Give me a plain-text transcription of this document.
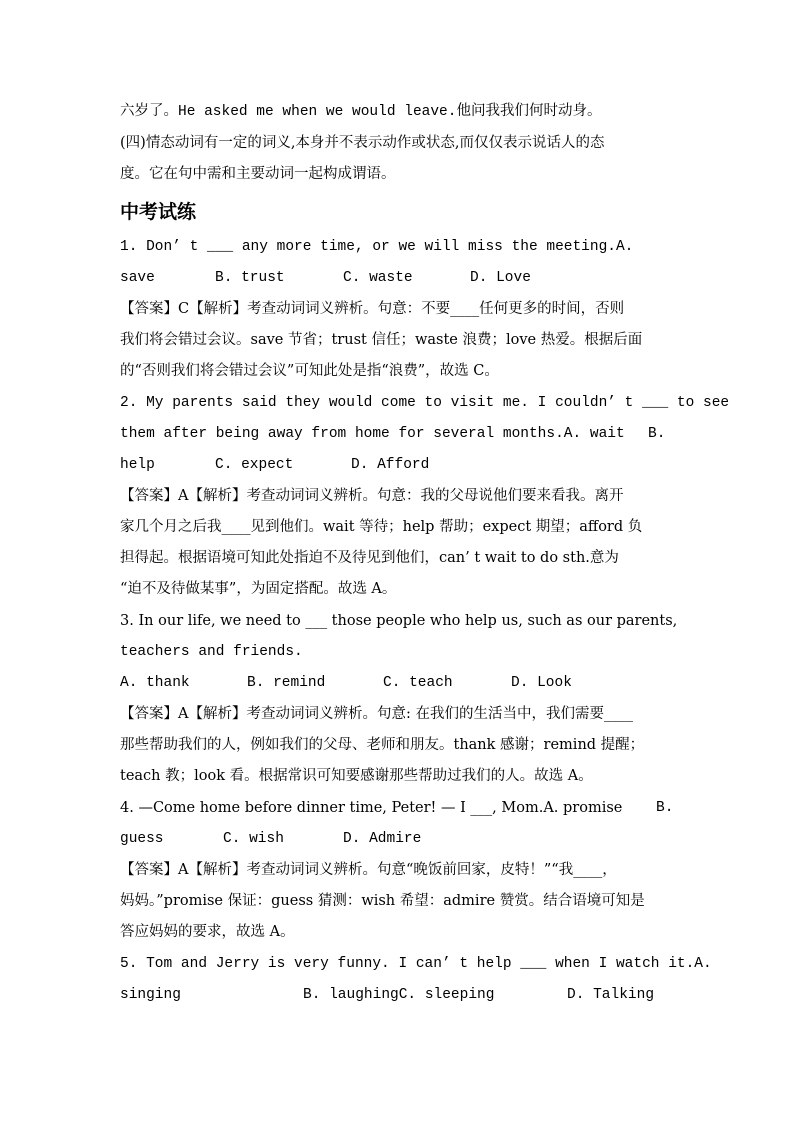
六岁了。He asked me when we would leave.他问我我们何时动身。
(四)情态动词有一定的词义,本身并不表示动作或状态,而仅仅表示说话人的态
度。它在句中需和主要动词一起构成谓语。
中考试练
1. Don’ t ___ any more time, or we will miss the meeting.A.
save	B. trust	C. waste	D. Love
【答案】C【解析】考查动词词义辨析。句意：不要____任何更多的时间，否则
我们将会错过会议。save 节省；trust 信任；waste 浪费；love 热爱。根据后面
的“否则我们将会错过会议”可知此处是指“浪费”，故选 C。
2. My parents said they would come to visit me. I couldn’ t ___ to see
them after being away from home for several months.A. wait B.
help	C. expect	D. Afford
【答案】A【解析】考查动词词义辨析。句意：我的父母说他们要来看我。离开
家几个月之后我____见到他们。wait 等待；help 帮助；expect 期望；afford 负
担得起。根据语境可知此处指迫不及待见到他们，can’ t wait to do sth.意为
“迫不及待做某事”，为固定搭配。故选 A。
3. In our life, we need to ___ those people who help us, such as our parents,
teachers and friends.
A. thank	B. remind	C. teach	D. Look
【答案】A【解析】考查动词词义辨析。句意: 在我们的生活当中，我们需要____
那些帮助我们的人，例如我们的父母、老师和朋友。thank 感谢；remind 提醒；
teach 教；look 看。根据常识可知要感谢那些帮助过我们的人。故选 A。
4. —Come home before dinner time, Peter! — I ___, Mom.A. promise B.
guess	C. wish	D. Admire
【答案】A【解析】考查动词词义辨析。句意“晚饭前回家，皮特！”“我____，
妈妈。”promise 保证：guess 猜测：wish 希望：admire 赞赏。结合语境可知是
答应妈妈的要求，故选 A。
5. Tom and Jerry is very funny. I can’ t help ___ when I watch it.A.
singing	B. laughingC. sleeping	D. Talking
